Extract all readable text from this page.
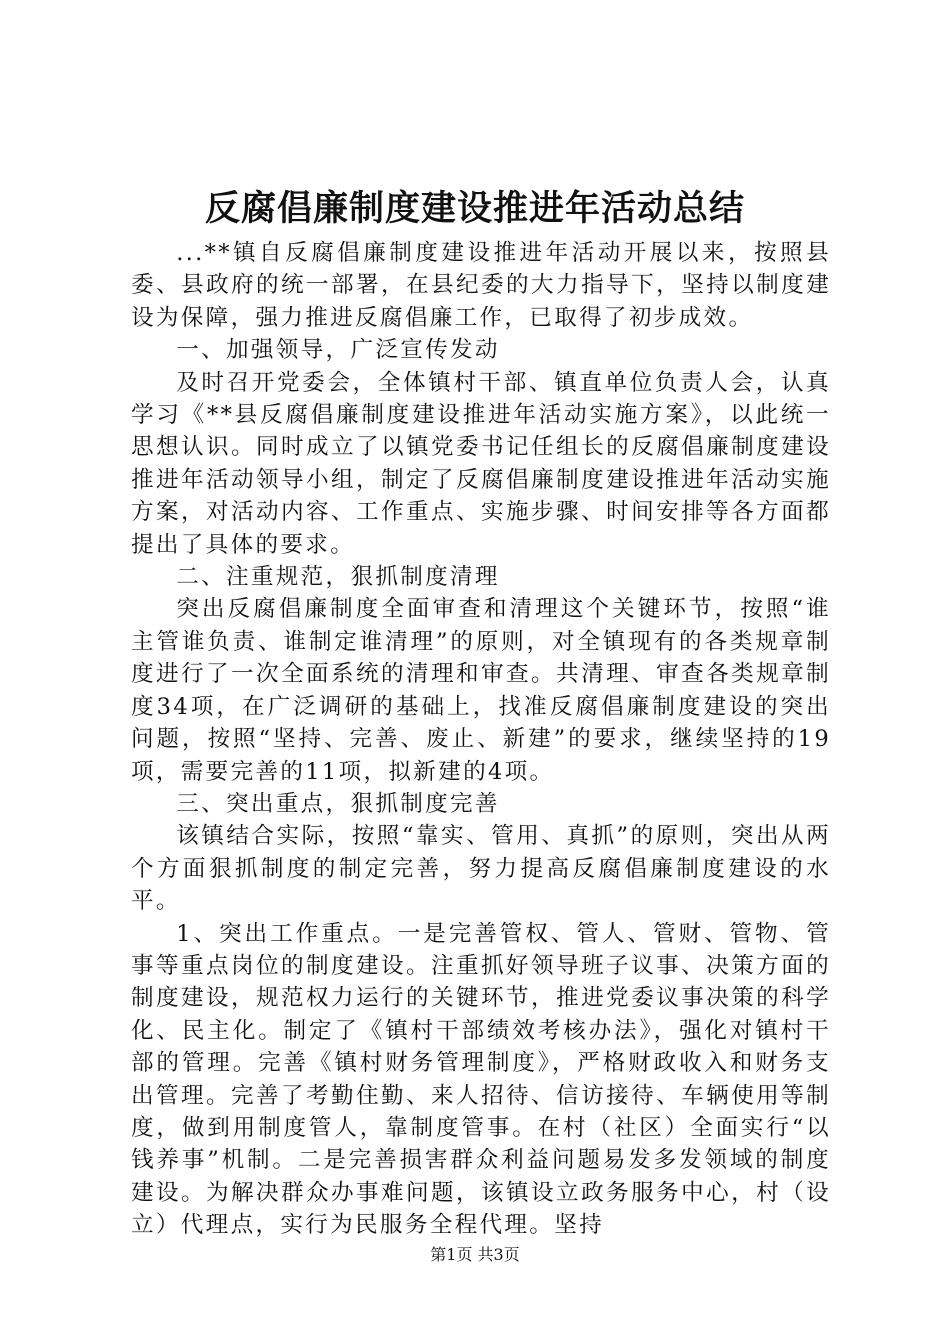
反腐倡廉制度建设推进年活动总结

...**镇自反腐倡廉制度建设推进年活动开展以来，按照县委、县政府的统一部署，在县纪委的大力指导下，坚持以制度建设为保障，强力推进反腐倡廉工作，已取得了初步成效。

一、加强领导，广泛宣传发动

及时召开党委会，全体镇村干部、镇直单位负责人会，认真学习《**县反腐倡廉制度建设推进年活动实施方案》，以此统一思想认识。同时成立了以镇党委书记任组长的反腐倡廉制度建设推进年活动领导小组，制定了反腐倡廉制度建设推进年活动实施方案，对活动内容、工作重点、实施步骤、时间安排等各方面都提出了具体的要求。

二、注重规范，狠抓制度清理

突出反腐倡廉制度全面审查和清理这个关键环节，按照“谁主管谁负责、谁制定谁清理”的原则，对全镇现有的各类规章制度进行了一次全面系统的清理和审查。共清理、审查各类规章制度34项，在广泛调研的基础上，找准反腐倡廉制度建设的突出问题，按照“坚持、完善、废止、新建”的要求，继续坚持的19项，需要完善的11项，拟新建的4项。

三、突出重点，狠抓制度完善

该镇结合实际，按照“靠实、管用、真抓”的原则，突出从两个方面狠抓制度的制定完善，努力提高反腐倡廉制度建设的水平。

1、突出工作重点。一是完善管权、管人、管财、管物、管事等重点岗位的制度建设。注重抓好领导班子议事、决策方面的制度建设，规范权力运行的关键环节，推进党委议事决策的科学化、民主化。制定了《镇村干部绩效考核办法》，强化对镇村干部的管理。完善《镇村财务管理制度》，严格财政收入和财务支出管理。完善了考勤住勤、来人招待、信访接待、车辆使用等制度，做到用制度管人，靠制度管事。在村（社区）全面实行“以钱养事”机制。二是完善损害群众利益问题易发多发领域的制度建设。为解决群众办事难问题，该镇设立政务服务中心，村（设立）代理点，实行为民服务全程代理。坚持

第1页 共3页
